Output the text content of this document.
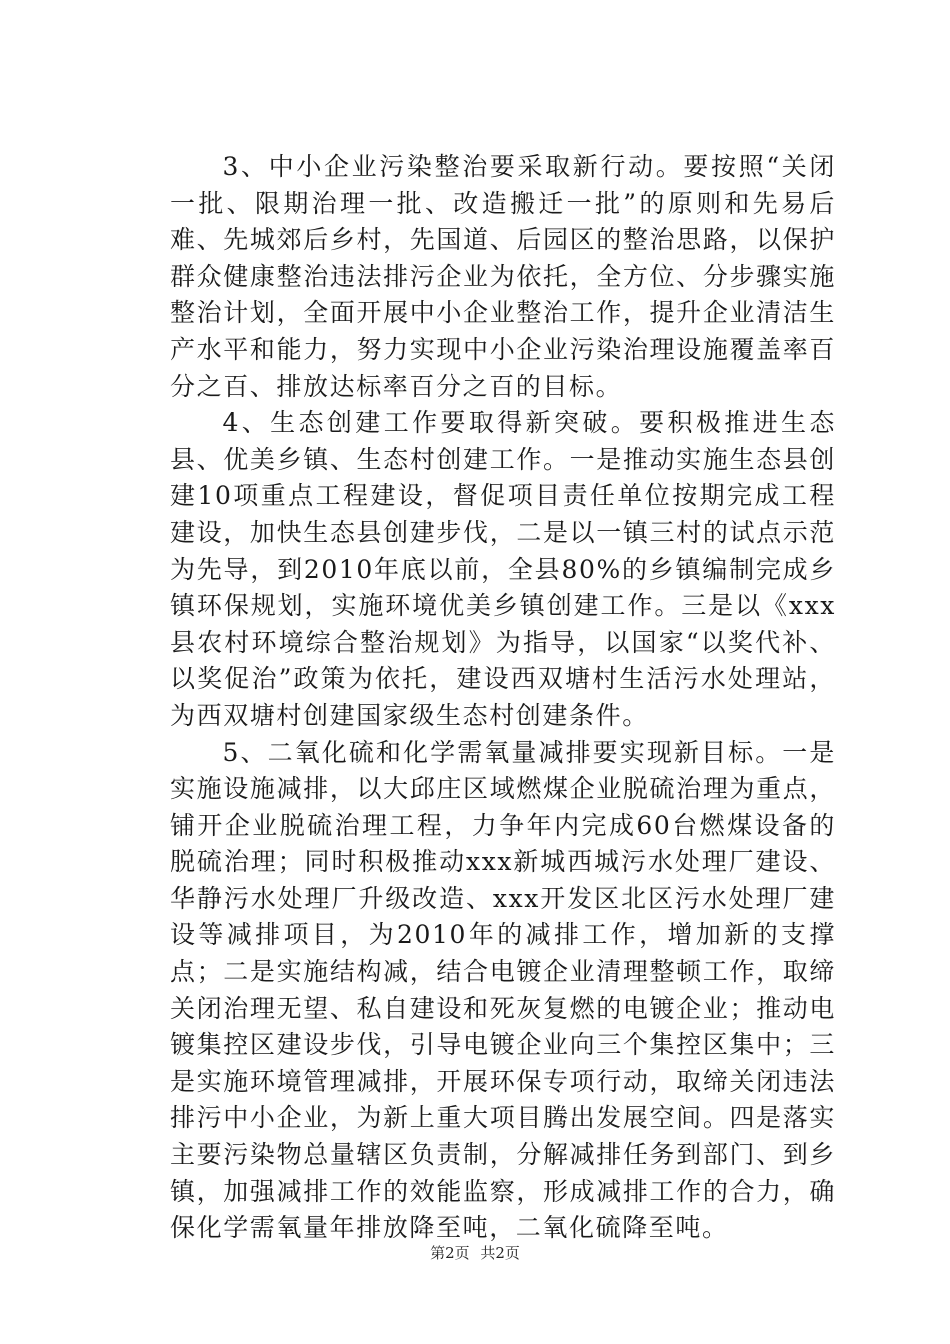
3、中小企业污染整治要采取新行动。要按照“关闭一批、限期治理一批、改造搬迁一批”的原则和先易后难、先城郊后乡村，先国道、后园区的整治思路，以保护群众健康整治违法排污企业为依托，全方位、分步骤实施整治计划，全面开展中小企业整治工作，提升企业清洁生产水平和能力，努力实现中小企业污染治理设施覆盖率百分之百、排放达标率百分之百的目标。

4、生态创建工作要取得新突破。要积极推进生态县、优美乡镇、生态村创建工作。一是推动实施生态县创建10项重点工程建设，督促项目责任单位按期完成工程建设，加快生态县创建步伐，二是以一镇三村的试点示范为先导，到2010年底以前，全县80%的乡镇编制完成乡镇环保规划，实施环境优美乡镇创建工作。三是以《xxx县农村环境综合整治规划》为指导，以国家“以奖代补、以奖促治”政策为依托，建设西双塘村生活污水处理站，为西双塘村创建国家级生态村创建条件。

5、二氧化硫和化学需氧量减排要实现新目标。一是实施设施减排，以大邱庄区域燃煤企业脱硫治理为重点，铺开企业脱硫治理工程，力争年内完成60台燃煤设备的脱硫治理；同时积极推动xxx新城西城污水处理厂建设、华静污水处理厂升级改造、xxx开发区北区污水处理厂建设等减排项目，为2010年的减排工作，增加新的支撑点；二是实施结构减，结合电镀企业清理整顿工作，取缔关闭治理无望、私自建设和死灰复燃的电镀企业；推动电镀集控区建设步伐，引导电镀企业向三个集控区集中；三是实施环境管理减排，开展环保专项行动，取缔关闭违法排污中小企业，为新上重大项目腾出发展空间。四是落实主要污染物总量辖区负责制，分解减排任务到部门、到乡镇，加强减排工作的效能监察，形成减排工作的合力，确保化学需氧量年排放降至吨，二氧化硫降至吨。

第2页 共2页
